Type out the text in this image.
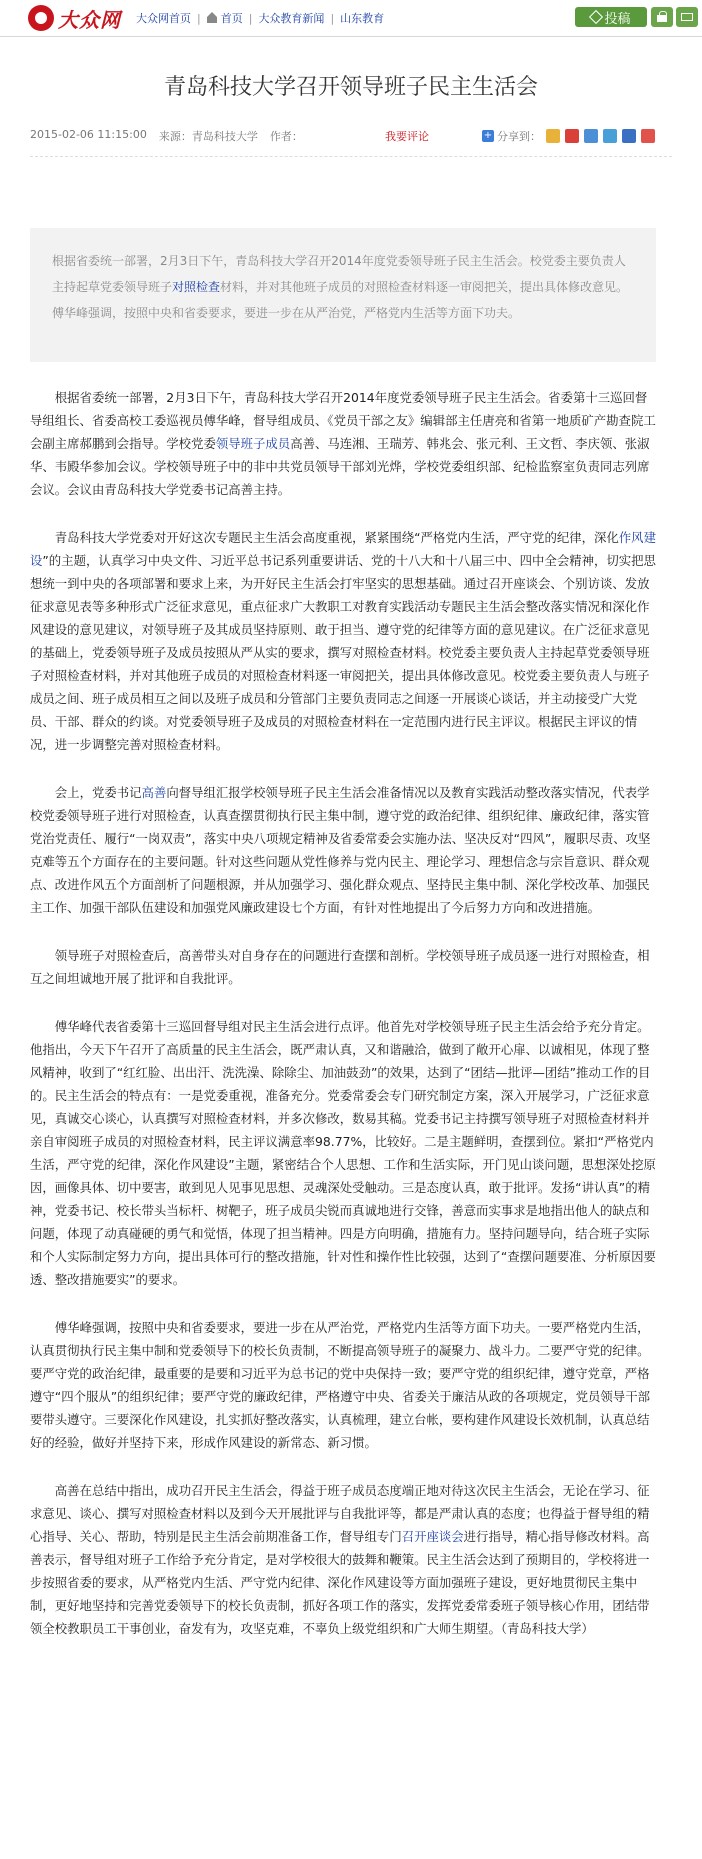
大众网 大众网首页 | 首页 | 大众教育新闻 | 山东教育	投稿
青岛科技大学召开领导班子民主生活会
2015-02-06 11:15:00 来源：青岛科技大学 作者：	我要评论	+ 分享到：
根据省委统一部署，2月3日下午，青岛科技大学召开2014年度党委领导班子民主生活会。校党委主要负责人主持起草党委领导班子对照检查材料，并对其他班子成员的对照检查材料逐一审阅把关，提出具体修改意见。傅华峰强调，按照中央和省委要求，要进一步在从严治党，严格党内生活等方面下功夫。

根据省委统一部署，2月3日下午，青岛科技大学召开2014年度党委领导班子民主生活会。省委第十三巡回督导组组长、省委高校工委巡视员傅华峰，督导组成员、《党员干部之友》编辑部主任唐亮和省第一地质矿产勘查院工会副主席郝鹏到会指导。学校党委领导班子成员高善、马连湘、王瑞芳、韩兆会、张元利、王文哲、李庆领、张淑华、韦殿华参加会议。学校领导班子中的非中共党员领导干部刘光烨，学校党委组织部、纪检监察室负责同志列席会议。会议由青岛科技大学党委书记高善主持。

青岛科技大学党委对开好这次专题民主生活会高度重视，紧紧围绕“严格党内生活，严守党的纪律，深化作风建设”的主题，认真学习中央文件、习近平总书记系列重要讲话、党的十八大和十八届三中、四中全会精神，切实把思想统一到中央的各项部署和要求上来，为开好民主生活会打牢坚实的思想基础。通过召开座谈会、个别访谈、发放征求意见表等多种形式广泛征求意见，重点征求广大教职工对教育实践活动专题民主生活会整改落实情况和深化作风建设的意见建议，对领导班子及其成员坚持原则、敢于担当、遵守党的纪律等方面的意见建议。在广泛征求意见的基础上，党委领导班子及成员按照从严从实的要求，撰写对照检查材料。校党委主要负责人主持起草党委领导班子对照检查材料，并对其他班子成员的对照检查材料逐一审阅把关，提出具体修改意见。校党委主要负责人与班子成员之间、班子成员相互之间以及班子成员和分管部门主要负责同志之间逐一开展谈心谈话，并主动接受广大党员、干部、群众的约谈。对党委领导班子及成员的对照检查材料在一定范围内进行民主评议。根据民主评议的情况，进一步调整完善对照检查材料。

会上，党委书记高善向督导组汇报学校领导班子民主生活会准备情况以及教育实践活动整改落实情况，代表学校党委领导班子进行对照检查，认真查摆贯彻执行民主集中制，遵守党的政治纪律、组织纪律、廉政纪律，落实管党治党责任、履行“一岗双责”，落实中央八项规定精神及省委常委会实施办法、坚决反对“四风”，履职尽责、攻坚克难等五个方面存在的主要问题。针对这些问题从党性修养与党内民主、理论学习、理想信念与宗旨意识、群众观点、改进作风五个方面剖析了问题根源，并从加强学习、强化群众观点、坚持民主集中制、深化学校改革、加强民主工作、加强干部队伍建设和加强党风廉政建设七个方面，有针对性地提出了今后努力方向和改进措施。

领导班子对照检查后，高善带头对自身存在的问题进行查摆和剖析。学校领导班子成员逐一进行对照检查，相互之间坦诚地开展了批评和自我批评。

傅华峰代表省委第十三巡回督导组对民主生活会进行点评。他首先对学校领导班子民主生活会给予充分肯定。他指出，今天下午召开了高质量的民主生活会，既严肃认真，又和谐融洽，做到了敞开心扉、以诚相见，体现了整风精神，收到了“红红脸、出出汗、洗洗澡、除除尘、加油鼓劲”的效果，达到了“团结—批评—团结”推动工作的目的。民主生活会的特点有：一是党委重视，准备充分。党委常委会专门研究制定方案，深入开展学习，广泛征求意见，真诚交心谈心，认真撰写对照检查材料，并多次修改，数易其稿。党委书记主持撰写领导班子对照检查材料并亲自审阅班子成员的对照检查材料，民主评议满意率98.77%，比较好。二是主题鲜明，查摆到位。紧扣“严格党内生活，严守党的纪律，深化作风建设”主题，紧密结合个人思想、工作和生活实际，开门见山谈问题，思想深处挖原因，画像具体、切中要害，敢到见人见事见思想、灵魂深处受触动。三是态度认真，敢于批评。发扬“讲认真”的精神，党委书记、校长带头当标杆、树靶子，班子成员尖锐而真诚地进行交锋，善意而实事求是地指出他人的缺点和问题，体现了动真碰硬的勇气和觉悟，体现了担当精神。四是方向明确，措施有力。坚持问题导向，结合班子实际和个人实际制定努力方向，提出具体可行的整改措施，针对性和操作性比较强，达到了“查摆问题要准、分析原因要透、整改措施要实”的要求。

傅华峰强调，按照中央和省委要求，要进一步在从严治党，严格党内生活等方面下功夫。一要严格党内生活，认真贯彻执行民主集中制和党委领导下的校长负责制，不断提高领导班子的凝聚力、战斗力。二要严守党的纪律。要严守党的政治纪律，最重要的是要和习近平为总书记的党中央保持一致；要严守党的组织纪律，遵守党章，严格遵守“四个服从”的组织纪律；要严守党的廉政纪律，严格遵守中央、省委关于廉洁从政的各项规定，党员领导干部要带头遵守。三要深化作风建设，扎实抓好整改落实，认真梳理，建立台帐，要构建作风建设长效机制，认真总结好的经验，做好并坚持下来，形成作风建设的新常态、新习惯。

高善在总结中指出，成功召开民主生活会，得益于班子成员态度端正地对待这次民主生活会，无论在学习、征求意见、谈心、撰写对照检查材料以及到今天开展批评与自我批评等，都是严肃认真的态度；也得益于督导组的精心指导、关心、帮助，特别是民主生活会前期准备工作，督导组专门召开座谈会进行指导，精心指导修改材料。高善表示，督导组对班子工作给予充分肯定，是对学校很大的鼓舞和鞭策。民主生活会达到了预期目的，学校将进一步按照省委的要求，从严格党内生活、严守党内纪律、深化作风建设等方面加强班子建设，更好地贯彻民主集中制，更好地坚持和完善党委领导下的校长负责制，抓好各项工作的落实，发挥党委常委班子领导核心作用，团结带领全校教职员工干事创业，奋发有为，攻坚克难，不辜负上级党组织和广大师生期望。（青岛科技大学）
